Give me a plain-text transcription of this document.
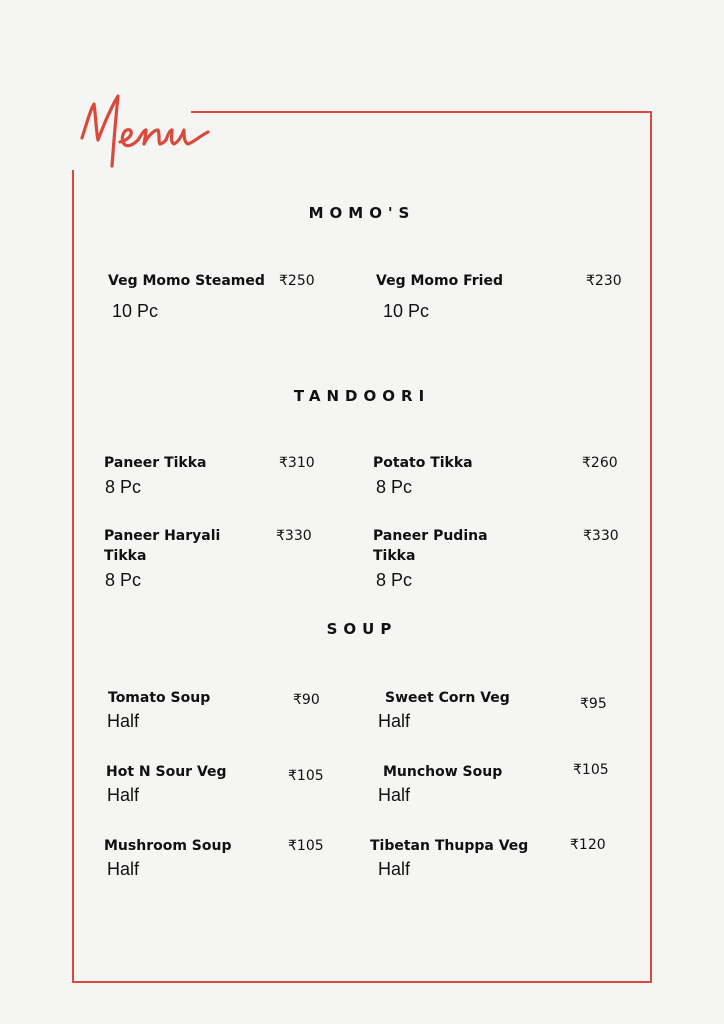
MOMO'S
Veg Momo Steamed ₹250
10 Pc
Veg Momo Fried	₹230
10 Pc
TANDOORI
Paneer Tikka	₹310
8 Pc
Potato Tikka	₹260
8 Pc
Paneer Haryali Tikka
₹330
8 Pc
Paneer Pudina Tikka
₹330
8 Pc
SOUP
Tomato Soup	₹90
Half
Sweet Corn Veg	₹95
Half
Hot N Sour Veg	₹105
Half
Munchow Soup	₹105
Half
Mushroom Soup	₹105
Half
Tibetan Thuppa Veg	₹120
Half
